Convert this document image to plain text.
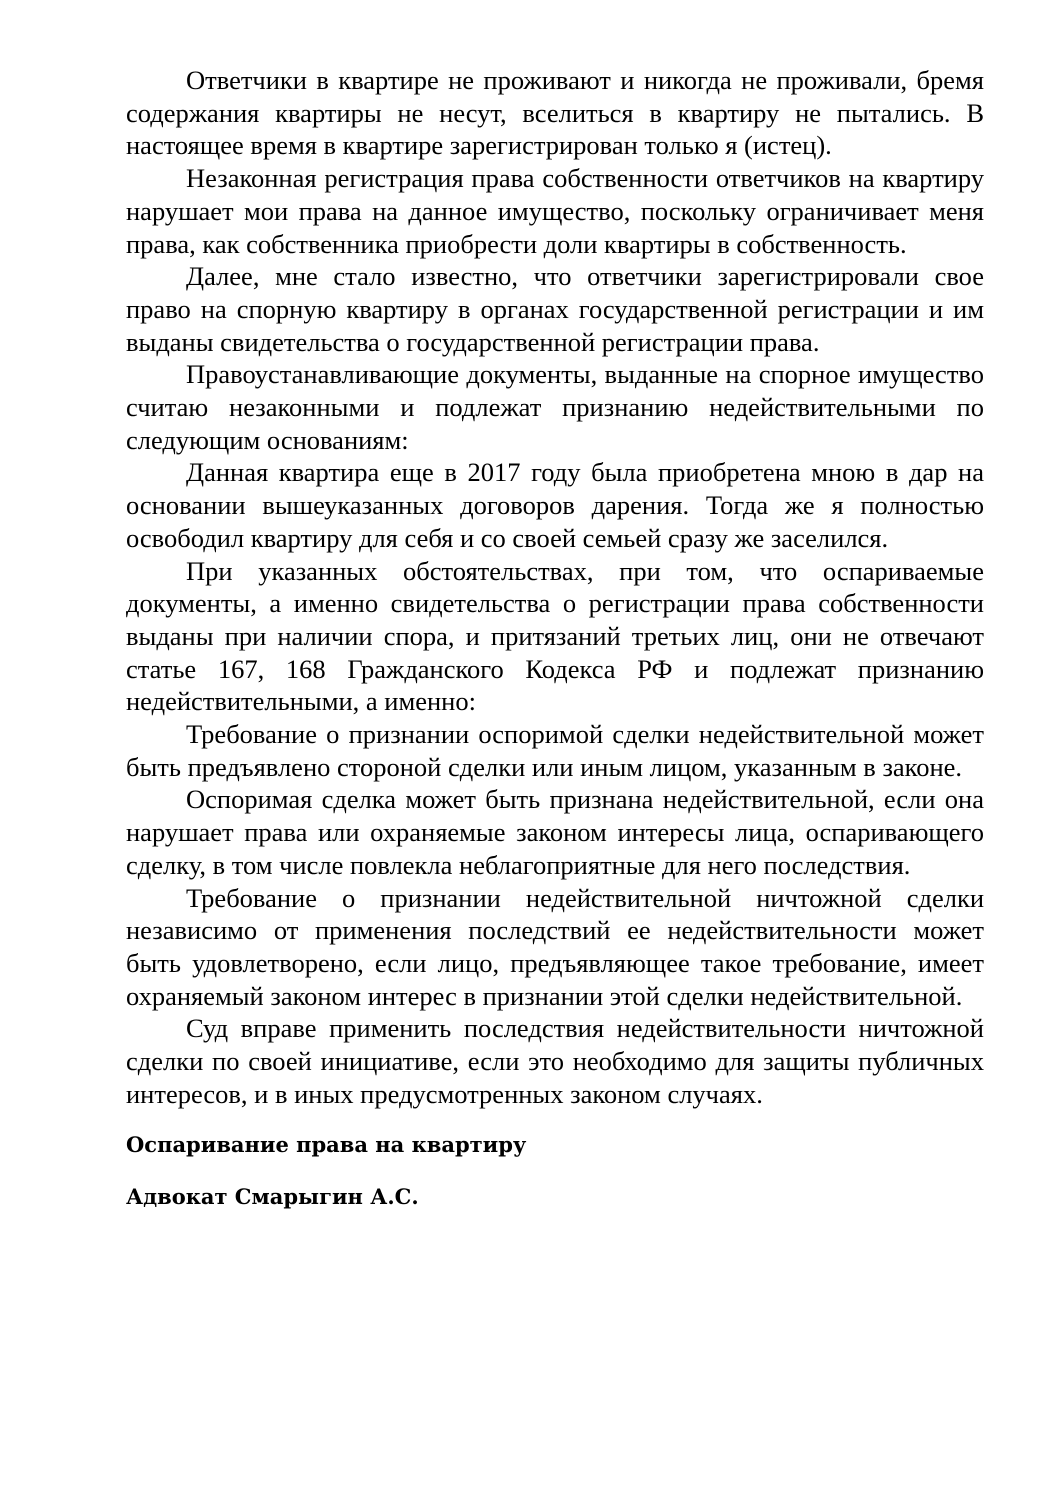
Ответчики в квартире не проживают и никогда не проживали, бремя содержания квартиры не несут, вселиться в квартиру не пытались. В настоящее время в квартире зарегистрирован только я (истец).

Незаконная регистрация права собственности ответчиков на квартиру нарушает мои права на данное имущество, поскольку ограничивает меня права, как собственника приобрести доли квартиры в собственность.

Далее, мне стало известно, что ответчики зарегистрировали свое право на спорную квартиру в органах государственной регистрации и им выданы свидетельства о государственной регистрации права.

Правоустанавливающие документы, выданные на спорное имущество считаю незаконными и подлежат признанию недействительными по следующим основаниям:

Данная квартира еще в 2017 году была приобретена мною в дар на основании вышеуказанных договоров дарения. Тогда же я полностью освободил квартиру для себя и со своей семьей сразу же заселился.

При указанных обстоятельствах, при том, что оспариваемые документы, а именно свидетельства о регистрации права собственности выданы при наличии спора, и притязаний третьих лиц, они не отвечают статье 167, 168 Гражданского Кодекса РФ и подлежат признанию недействительными, а именно:

Требование о признании оспоримой сделки недействительной может быть предъявлено стороной сделки или иным лицом, указанным в законе.

Оспоримая сделка может быть признана недействительной, если она нарушает права или охраняемые законом интересы лица, оспаривающего сделку, в том числе повлекла неблагоприятные для него последствия.

Требование о признании недействительной ничтожной сделки независимо от применения последствий ее недействительности может быть удовлетворено, если лицо, предъявляющее такое требование, имеет охраняемый законом интерес в признании этой сделки недействительной.

Суд вправе применить последствия недействительности ничтожной сделки по своей инициативе, если это необходимо для защиты публичных интересов, и в иных предусмотренных законом случаях.

Оспаривание права на квартиру

Адвокат Смарыгин А.С.
